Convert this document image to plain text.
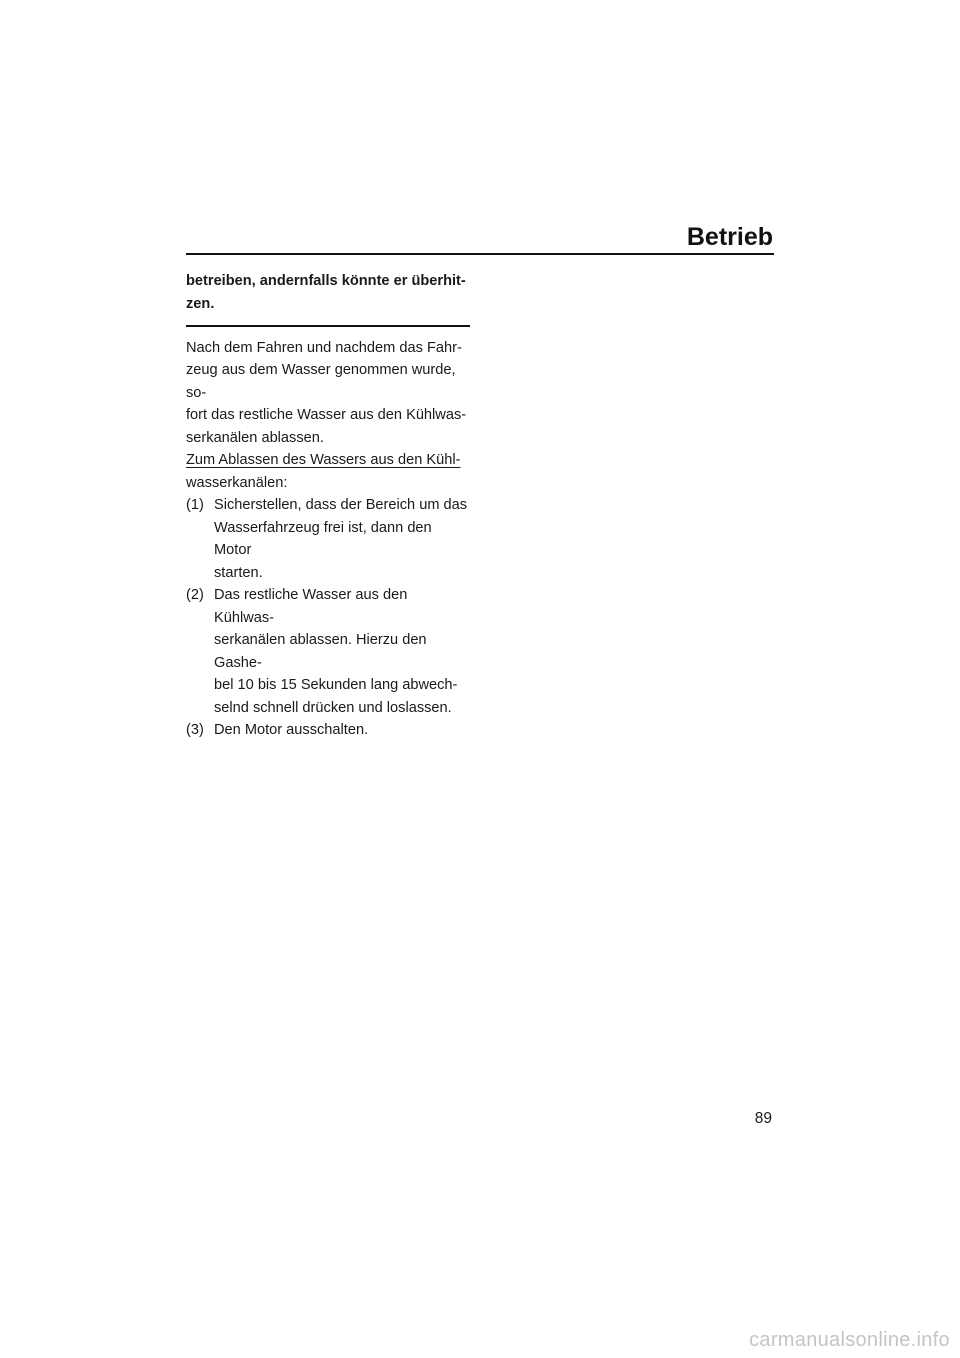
Betrieb
betreiben, andernfalls könnte er überhit-
zen.
Nach dem Fahren und nachdem das Fahr-
zeug aus dem Wasser genommen wurde, so-
fort das restliche Wasser aus den Kühlwas-
serkanälen ablassen.
Zum Ablassen des Wassers aus den Kühl-
wasserkanälen:
(1) Sicherstellen, dass der Bereich um das
Wasserfahrzeug frei ist, dann den Motor
starten.
(2) Das restliche Wasser aus den Kühlwas-
serkanälen ablassen. Hierzu den Gashe-
bel 10 bis 15 Sekunden lang abwech-
selnd schnell drücken und loslassen.
(3) Den Motor ausschalten.

89

carmanualsonline.info
